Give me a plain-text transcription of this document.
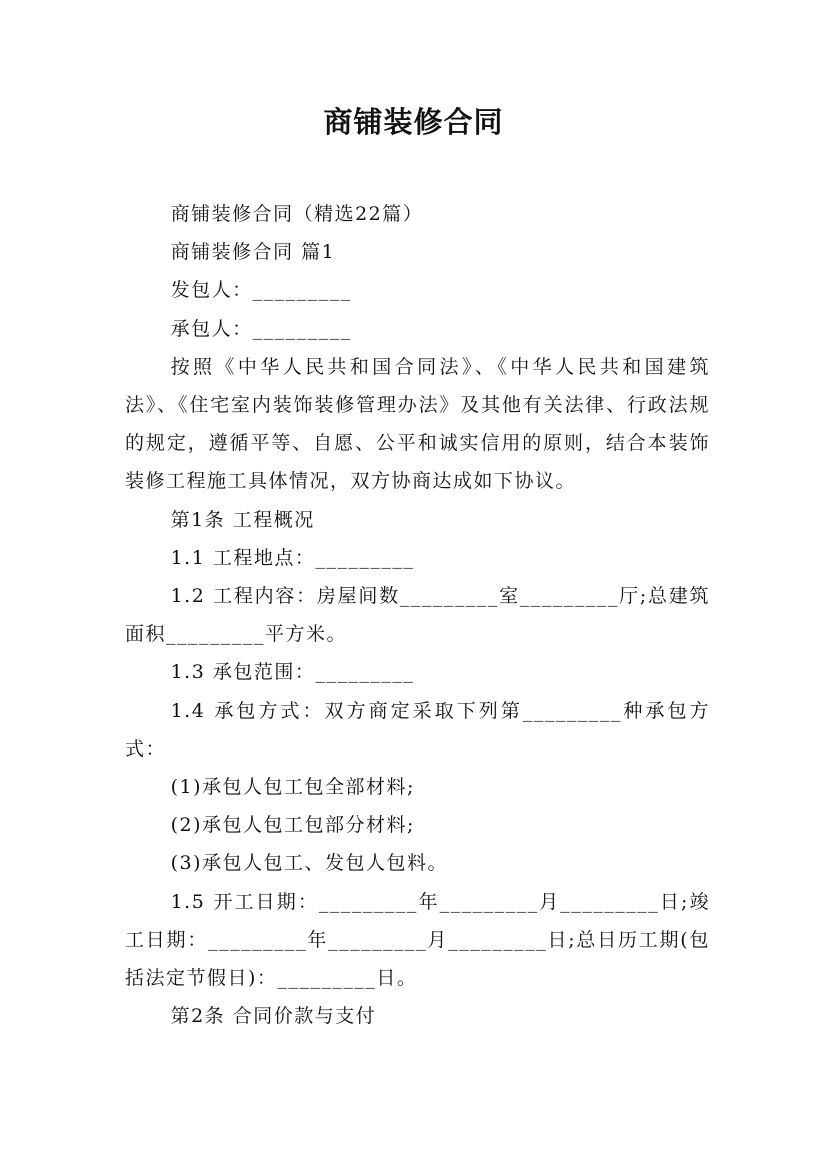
商铺装修合同

商铺装修合同（精选22篇）

商铺装修合同 篇1

发包人：_________

承包人：_________

按照《中华人民共和国合同法》、《中华人民共和国建筑法》、《住宅室内装饰装修管理办法》及其他有关法律、行政法规的规定，遵循平等、自愿、公平和诚实信用的原则，结合本装饰装修工程施工具体情况，双方协商达成如下协议。

第1条 工程概况

1.1 工程地点：_________

1.2 工程内容：房屋间数_________室_________厅;总建筑面积_________平方米。

1.3 承包范围：_________

1.4 承包方式：双方商定采取下列第_________种承包方式：

(1)承包人包工包全部材料;

(2)承包人包工包部分材料;

(3)承包人包工、发包人包料。

1.5 开工日期：_________年_________月_________日;竣工日期：_________年_________月_________日;总日历工期(包括法定节假日)：_________日。

第2条 合同价款与支付
